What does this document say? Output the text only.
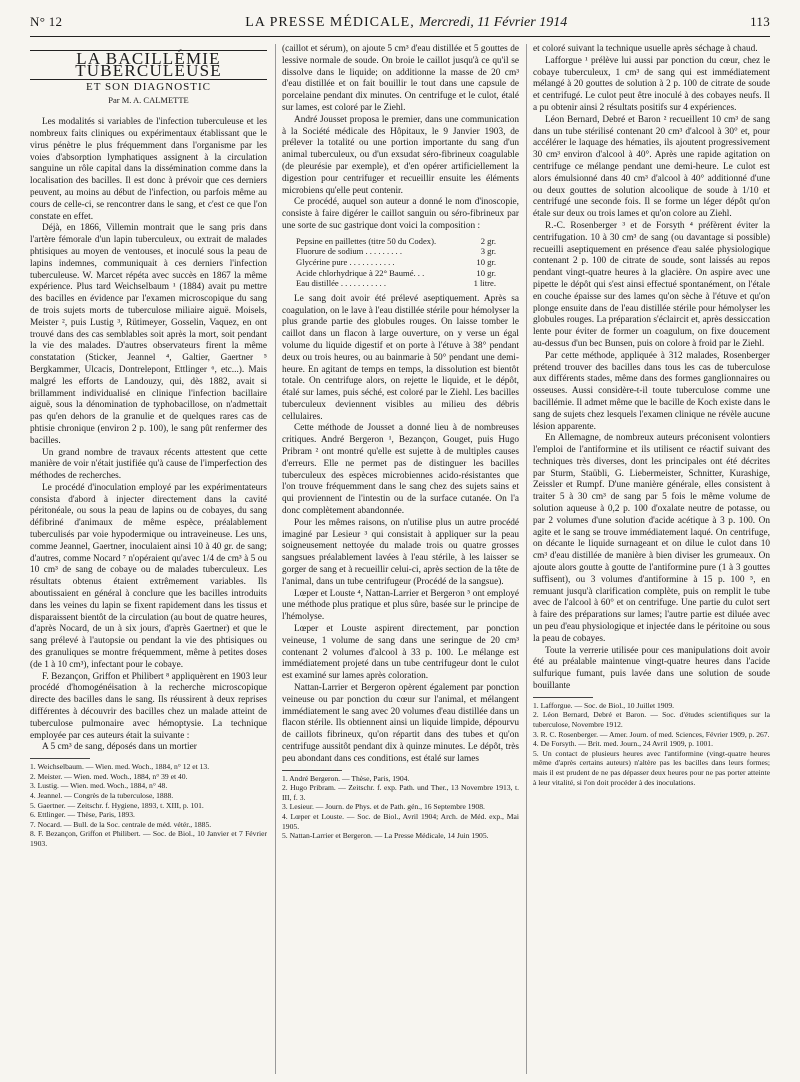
N° 12	LA PRESSE MÉDICALE, Mercredi, 11 Février 1914	113
LA BACILLÉMIE TUBERCULEUSE
ET SON DIAGNOSTIC
Par M. A. CALMETTE

Les modalités si variables de l'infection tuberculeuse et les nombreux faits cliniques ou expérimentaux établissant que le virus pénètre le plus fréquemment dans l'organisme par les voies d'absorption lymphatiques assignent à la circulation sanguine un rôle capital dans la dissémination comme dans la localisation des bacilles. Il est donc à prévoir que ces derniers peuvent, au moins au début de l'infection, ou parfois même au cours de celle-ci, se rencontrer dans le sang, et c'est ce que l'on constate en effet.

Déjà, en 1866, Villemin montrait que le sang pris dans l'artère fémorale d'un lapin tuberculeux, ou extrait de malades phtisiques au moyen de ventouses, et inoculé sous la peau de lapins indemnes, communiquait à ces derniers l'infection tuberculeuse. W. Marcet répéta avec succès en 1867 la même expérience. Plus tard Weichselbaum ¹ (1884) avait pu mettre des bacilles en évidence par l'examen microscopique du sang de trois sujets morts de tuberculose miliaire aiguë. Moisels, Meister ², puis Lustig ³, Rütimeyer, Gosselin, Vaquez, en ont trouvé dans des cas semblables soit après la mort, soit pendant la vie des malades. D'autres observateurs firent la même constatation (Sticker, Jeannel ⁴, Galtier, Gaertner ⁵ Bergkammer, Ulcacis, Dontrelepont, Ettlinger ⁶, etc...). Mais malgré les efforts de Landouzy, qui, dès 1882, avait si brillamment individualisé en clinique l'infection bacillaire aiguë, sous la dénomination de typhobacillose, on n'admettait pas qu'en dehors de la granulie et de quelques rares cas de phtisie chronique (environ 2 p. 100), le sang pût renfermer des bacilles.

Un grand nombre de travaux récents attestent que cette manière de voir n'était justifiée qu'à cause de l'imperfection des méthodes de recherches.

Le procédé d'inoculation employé par les expérimentateurs consista d'abord à injecter directement dans la cavité péritonéale, ou sous la peau de lapins ou de cobayes, du sang défibriné d'animaux de même espèce, préalablement tuberculisés par voie hypodermique ou intraveineuse. Les uns, comme Jeannel, Gaertner, inoculaient ainsi 10 à 40 gr. de sang; d'autres, comme Nocard ⁷ n'opéraient qu'avec 1/4 de cm³ à 5 ou 10 cm³ de sang de cobaye ou de malades tuberculeux. Les résultats obtenus étaient extrêmement variables. Ils aboutissaient en général à conclure que les bacilles introduits dans les veines du lapin se fixent rapidement dans les tissus et disparaissent bientôt de la circulation (au bout de quatre heures, d'après Nocard, de un à six jours, d'après Gaertner) et que le sang prélevé à l'autopsie ou pendant la vie des phtisiques ou des granuliques se montre fréquemment, même à petites doses (de 1 à 10 cm³), infectant pour le cobaye.

F. Bezançon, Griffon et Philibert ⁸ appliquèrent en 1903 leur procédé d'homogénéisation à la recherche microscopique directe des bacilles dans le sang. Ils réussirent à deux reprises différentes à découvrir des bacilles chez un malade atteint de tuberculose pulmonaire avec hémoptysie. La technique employée par ces auteurs était la suivante :

A 5 cm³ de sang, déposés dans un mortier

1. Weichselbaum. — Wien. med. Woch., 1884, n° 12 et 13.

2. Meister. — Wien. med. Woch., 1884, n° 39 et 40.

3. Lustig. — Wien. med. Woch., 1884, n° 48.

4. Jeannel. — Congrès de la tuberculose, 1888.

5. Gaertner. — Zeitschr. f. Hygiene, 1893, t. XIII, p. 101.

6. Ettlinger. — Thèse, Paris, 1893.

7. Nocard. — Bull. de la Soc. centrale de méd. vétér., 1885.

8. F. Bezançon, Griffon et Philibert. — Soc. de Biol., 10 Janvier et 7 Février 1903.

(caillot et sérum), on ajoute 5 cm³ d'eau distillée et 5 gouttes de lessive normale de soude. On broie le caillot jusqu'à ce qu'il se dissolve dans le liquide; on additionne la masse de 20 cm³ d'eau distillée et on fait bouillir le tout dans une capsule de porcelaine pendant dix minutes. On centrifuge et le culot, étalé sur lames, est coloré par le Ziehl.

André Jousset proposa le premier, dans une communication à la Société médicale des Hôpitaux, le 9 Janvier 1903, de prélever la totalité ou une portion importante du sang d'un animal tuberculeux, ou d'un exsudat séro-fibrineux coagulable (de pleurésie par exemple), et d'en opérer artificiellement la digestion pour centrifuger et recueillir ensuite les éléments microbiens qu'elle peut contenir.

Ce procédé, auquel son auteur a donné le nom d'inoscopie, consiste à faire digérer le caillot sanguin ou séro-fibrineux par une sorte de suc gastrique dont voici la composition :

Pepsine en paillettes (titre 50 du Codex).	2 gr.
Fluorure de sodium . . . . . . . . .	3 gr.
Glycérine pure . . . . . . . . . . .	10 gr.
Acide chlorhydrique à 22° Baumé. . .	10 gr.
Eau distillée . . . . . . . . . . .	1 litre.

Le sang doit avoir été prélevé aseptiquement. Après sa coagulation, on le lave à l'eau distillée stérile pour hémolyser la plus grande partie des globules rouges. On laisse tomber le caillot dans un flacon à large ouverture, on y verse un égal volume du liquide digestif et on porte à l'étuve à 38° pendant deux ou trois heures, ou au bainmarie à 50° pendant une demi-heure. En agitant de temps en temps, la dissolution est bientôt totale. On centrifuge alors, on rejette le liquide, et le dépôt, étalé sur lames, puis séché, est coloré par le Ziehl. Les bacilles tuberculeux deviennent visibles au milieu des débris cellulaires.

Cette méthode de Jousset a donné lieu à de nombreuses critiques. André Bergeron ¹, Bezançon, Gouget, puis Hugo Pribram ² ont montré qu'elle est sujette à de multiples causes d'erreurs. Elle ne permet pas de distinguer les bacilles tuberculeux des espèces microbiennes acido-résistantes que l'on trouve fréquemment dans le sang chez des sujets sains et qui proviennent de l'intestin ou de la surface cutanée. On l'a donc complètement abandonnée.

Pour les mêmes raisons, on n'utilise plus un autre procédé imaginé par Lesieur ³ qui consistait à appliquer sur la peau soigneusement nettoyée du malade trois ou quatre grosses sangsues préalablement lavées à l'eau stérile, à les laisser se gorger de sang et à recueillir celui-ci, après section de la tête de l'animal, dans un tube centrifugeur (Procédé de la sangsue).

Lœper et Louste ⁴, Nattan-Larrier et Bergeron ⁵ ont employé une méthode plus pratique et plus sûre, basée sur le principe de l'hémolyse.

Lœper et Louste aspirent directement, par ponction veineuse, 1 volume de sang dans une seringue de 20 cm³ contenant 2 volumes d'alcool à 33 p. 100. Le mélange est immédiatement projeté dans un tube centrifugeur dont le culot est examiné sur lames après coloration.

Nattan-Larrier et Bergeron opèrent également par ponction veineuse ou par ponction du cœur sur l'animal, et mélangent immédiatement le sang avec 20 volumes d'eau distillée dans un flacon stérile. Ils obtiennent ainsi un liquide limpide, dépourvu de caillots fibrineux, qu'on répartit dans des tubes et qu'on centrifuge aussitôt pendant dix à quinze minutes. Le dépôt, très peu abondant dans ces conditions, est étalé sur lames

1. André Bergeron. — Thèse, Paris, 1904.

2. Hugo Pribram. — Zeitschr. f. exp. Path. und Ther., 13 Novembre 1913, t. III, f. 3.

3. Lesieur. — Journ. de Phys. et de Path. gén., 16 Septembre 1908.

4. Lœper et Louste. — Soc. de Biol., Avril 1904; Arch. de Méd. exp., Mai 1905.

5. Nattan-Larrier et Bergeron. — La Presse Médicale, 14 Juin 1905.

et coloré suivant la technique usuelle après séchage à chaud.

Lafforgue ¹ prélève lui aussi par ponction du cœur, chez le cobaye tuberculeux, 1 cm³ de sang qui est immédiatement mélangé à 20 gouttes de solution à 2 p. 100 de citrate de soude et centrifugé. Le culot peut être inoculé à des cobayes neufs. Il a pu obtenir ainsi 2 résultats positifs sur 4 expériences.

Léon Bernard, Debré et Baron ² recueillent 10 cm³ de sang dans un tube stérilisé contenant 20 cm³ d'alcool à 30° et, pour accélérer le laquage des hématies, ils ajoutent progressivement 30 cm³ environ d'alcool à 40°. Après une rapide agitation on centrifuge ce mélange pendant une demi-heure. Le culot est alors émulsionné dans 40 cm³ d'alcool à 40° additionné d'une ou deux gouttes de solution alcoolique de soude à 1/10 et centrifugé une seconde fois. Il se forme un léger dépôt qu'on étale sur deux ou trois lames et qu'on colore au Ziehl.

R.-C. Rosenberger ³ et de Forsyth ⁴ préfèrent éviter la centrifugation. 10 à 30 cm³ de sang (ou davantage si possible) recueilli aseptiquement en présence d'eau salée physiologique contenant 2 p. 100 de citrate de soude, sont laissés au repos pendant vingt-quatre heures à la glacière. On aspire avec une pipette le dépôt qui s'est ainsi effectué spontanément, on l'étale en couche épaisse sur des lames qu'on sèche à l'étuve et qu'on plonge ensuite dans de l'eau distillée stérile pour hémolyser les globules rouges. La préparation s'éclaircit et, après dessiccation lente pour éviter de former un coagulum, on fixe doucement au-dessus d'un bec Bunsen, puis on colore à froid par le Ziehl.

Par cette méthode, appliquée à 312 malades, Rosenberger prétend trouver des bacilles dans tous les cas de tuberculose aux différents stades, même dans des formes ganglionnaires ou osseuses. Aussi considère-t-il toute tuberculose comme une bacillémie. Il admet même que le bacille de Koch existe dans le sang de sujets chez lesquels l'examen clinique ne révèle aucune lésion apparente.

En Allemagne, de nombreux auteurs préconisent volontiers l'emploi de l'antiformine et ils utilisent ce réactif suivant des techniques très diverses, dont les principales ont été décrites par Sturm, Staübli, G. Liebermeister, Schnitter, Kurashige, Zeissler et Rumpf. D'une manière générale, elles consistent à traiter 5 à 30 cm³ de sang par 5 fois le même volume de solution aqueuse à 0,2 p. 100 d'oxalate neutre de potasse, ou par 2 volumes d'une solution d'acide acétique à 3 p. 100. On agite et le sang se trouve immédiatement laqué. On centrifuge, on décante le liquide surnageant et on dilue le culot dans 10 cm³ d'eau distillée de manière à bien diviser les grumeaux. On ajoute alors goutte à goutte de l'antiformine pure (1 à 3 gouttes suffisent), ou 3 volumes d'antiformine à 15 p. 100 ⁵, en remuant jusqu'à clarification complète, puis on remplit le tube avec de l'alcool à 60° et on centrifuge. Une partie du culot sert à faire des préparations sur lames; l'autre partie est diluée avec un peu d'eau physiologique et injectée dans le péritoine ou sous la peau de cobayes.

Toute la verrerie utilisée pour ces manipulations doit avoir été au préalable maintenue vingt-quatre heures dans l'acide sulfurique fumant, puis lavée dans une solution de soude bouillante

1. Lafforgue. — Soc. de Biol., 10 Juillet 1909.

2. Léon Bernard, Debré et Baron. — Soc. d'études scientifiques sur la tuberculose, Novembre 1912.

3. R. C. Rosenberger. — Amer. Journ. of med. Sciences, Février 1909, p. 267.

4. De Forsyth. — Brit. med. Journ., 24 Avril 1909, p. 1001.

5. Un contact de plusieurs heures avec l'antiformine (vingt-quatre heures même d'après certains auteurs) n'altère pas les bacilles dans leurs formes; mais il est prudent de ne pas dépasser deux heures pour ne pas porter atteinte à leur vitalité, si l'on doit procéder à des inoculations.
